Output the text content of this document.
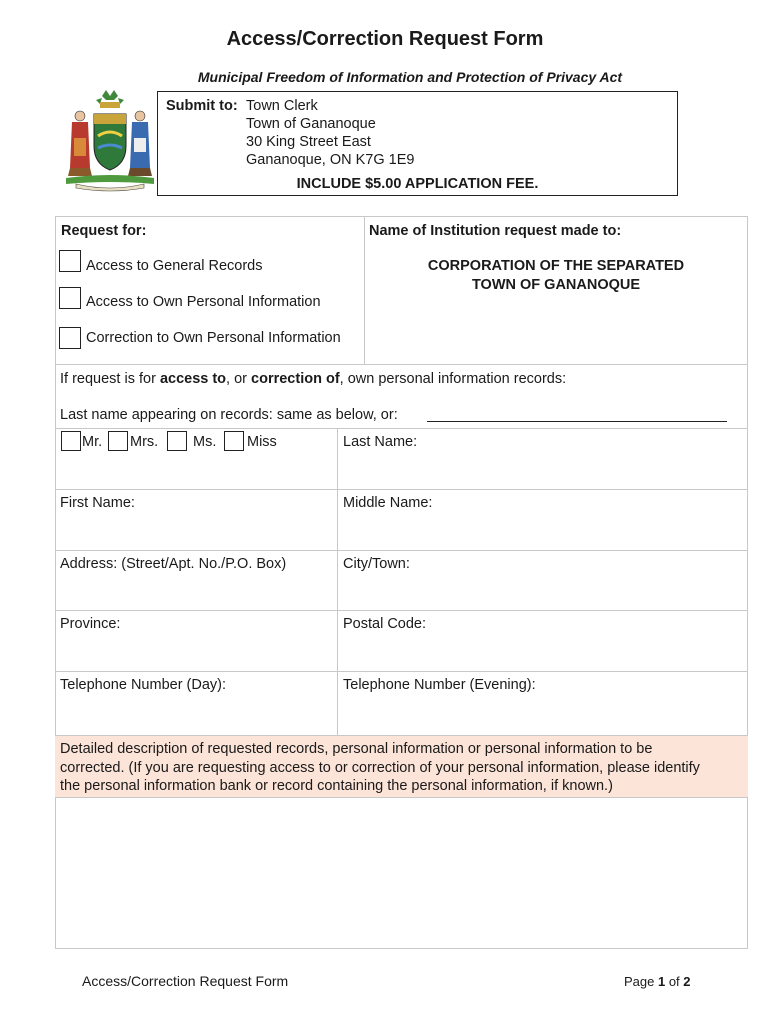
Access/Correction Request Form
Municipal Freedom of Information and Protection of Privacy Act
Submit to: Town Clerk
Town of Gananoque
30 King Street East
Gananoque, ON K7G 1E9
INCLUDE $5.00 APPLICATION FEE.
Request for:
Access to General Records
Access to Own Personal Information
Correction to Own Personal Information
Name of Institution request made to:
CORPORATION OF THE SEPARATED
TOWN OF GANANOQUE
If request is for access to, or correction of, own personal information records:
Last name appearing on records: same as below, or:
Mr. Mrs. Ms. Miss	Last Name:
First Name:	Middle Name:
Address: (Street/Apt. No./P.O. Box)	City/Town:
Province:	Postal Code:
Telephone Number (Day):	Telephone Number (Evening):
Detailed description of requested records, personal information or personal information to be
corrected. (If you are requesting access to or correction of your personal information, please identify
the personal information bank or record containing the personal information, if known.)
Access/Correction Request Form	Page 1 of 2
